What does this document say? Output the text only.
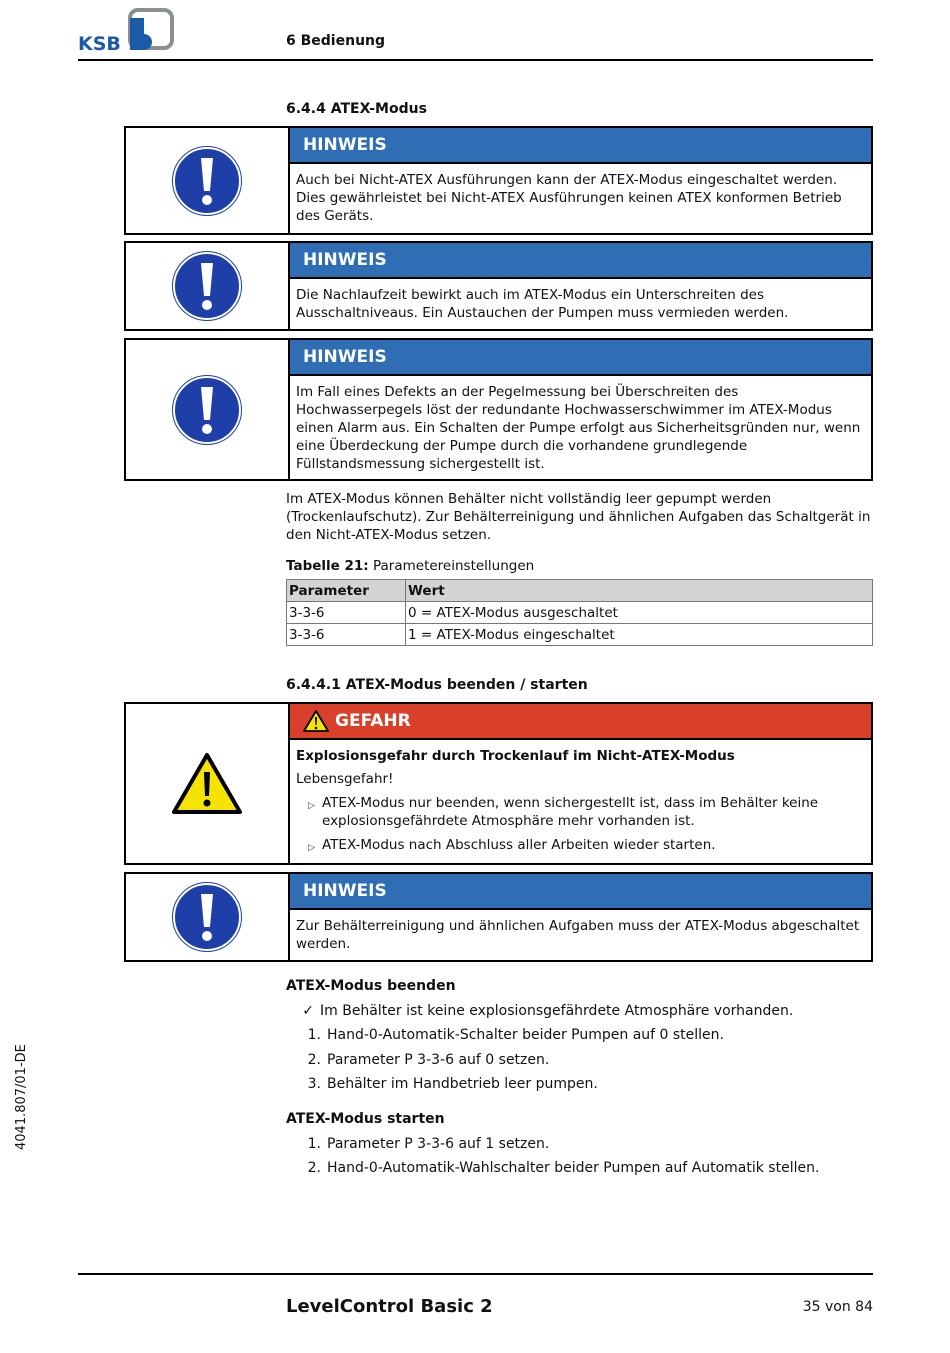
KSB	6 Bedienung
6.4.4 ATEX-Modus
HINWEIS
Auch bei Nicht-ATEX Ausführungen kann der ATEX-Modus eingeschaltet werden. Dies gewährleistet bei Nicht-ATEX Ausführungen keinen ATEX konformen Betrieb des Geräts.
HINWEIS
Die Nachlaufzeit bewirkt auch im ATEX-Modus ein Unterschreiten des Ausschaltniveaus. Ein Austauchen der Pumpen muss vermieden werden.
HINWEIS
Im Fall eines Defekts an der Pegelmessung bei Überschreiten des Hochwasserpegels löst der redundante Hochwasserschwimmer im ATEX-Modus einen Alarm aus. Ein Schalten der Pumpe erfolgt aus Sicherheitsgründen nur, wenn eine Überdeckung der Pumpe durch die vorhandene grundlegende Füllstandsmessung sichergestellt ist.
Im ATEX-Modus können Behälter nicht vollständig leer gepumpt werden (Trockenlaufschutz). Zur Behälterreinigung und ähnlichen Aufgaben das Schaltgerät in den Nicht-ATEX-Modus setzen.
Tabelle 21: Parametereinstellungen
Parameter	Wert
3-3-6	0 = ATEX-Modus ausgeschaltet
3-3-6	1 = ATEX-Modus eingeschaltet
6.4.4.1 ATEX-Modus beenden / starten
GEFAHR
Explosionsgefahr durch Trockenlauf im Nicht-ATEX-Modus
Lebensgefahr!
▷ ATEX-Modus nur beenden, wenn sichergestellt ist, dass im Behälter keine explosionsgefährdete Atmosphäre mehr vorhanden ist.
▷ ATEX-Modus nach Abschluss aller Arbeiten wieder starten.
HINWEIS
Zur Behälterreinigung und ähnlichen Aufgaben muss der ATEX-Modus abgeschaltet werden.
ATEX-Modus beenden
✓ Im Behälter ist keine explosionsgefährdete Atmosphäre vorhanden.
1. Hand-0-Automatik-Schalter beider Pumpen auf 0 stellen.
2. Parameter P 3-3-6 auf 0 setzen.
3. Behälter im Handbetrieb leer pumpen.
ATEX-Modus starten
1. Parameter P 3-3-6 auf 1 setzen.
2. Hand-0-Automatik-Wahlschalter beider Pumpen auf Automatik stellen.
4041.807/01-DE
LevelControl Basic 2	35 von 84
